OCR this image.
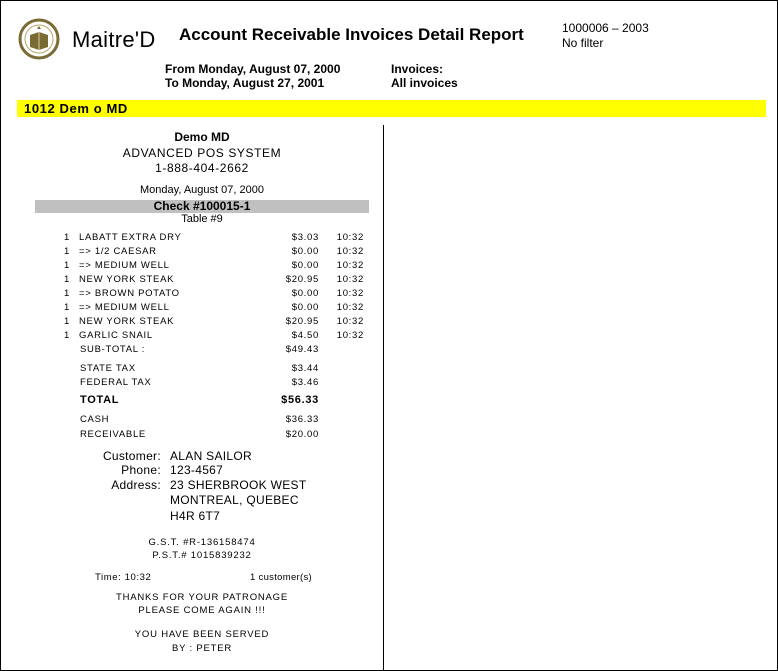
Maitre'D Account Receivable Invoices Detail Report	1000006 – 2003
No filter
From Monday, August 07, 2000
To Monday, August 27, 2001
Invoices:
All invoices
1012 Dem o MD
Demo MD
ADVANCED POS SYSTEM
1-888-404-2662
Monday, August 07, 2000
Check #100015-1
Table #9
1 LABATT EXTRA DRY	$3.03 10:32
1 => 1/2 CAESAR	$0.00 10:32
1 => MEDIUM WELL	$0.00 10:32
1 NEW YORK STEAK	$20.95 10:32
1 => BROWN POTATO	$0.00 10:32
1 => MEDIUM WELL	$0.00 10:32
1 NEW YORK STEAK	$20.95 10:32
1 GARLIC SNAIL	$4.50 10:32
SUB-TOTAL :	$49.43
STATE TAX	$3.44
FEDERAL TAX	$3.46
TOTAL	$56.33
CASH	$36.33
RECEIVABLE	$20.00
Customer: ALAN SAILOR
Phone: 123-4567
Address: 23 SHERBROOK WEST
MONTREAL, QUEBEC
H4R 6T7
G.S.T. #R-136158474
P.S.T.# 1015839232
Time: 10:32	1 customer(s)
THANKS FOR YOUR PATRONAGE
PLEASE COME AGAIN !!!
YOU HAVE BEEN SERVED
BY : PETER
